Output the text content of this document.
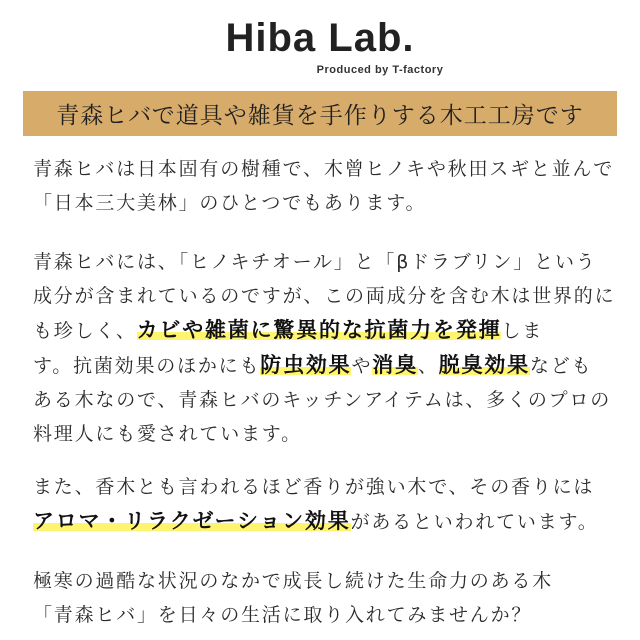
Hiba Lab.
Produced by T-factory
青森ヒバで道具や雑貨を手作りする木工工房です
青森ヒバは日本固有の樹種で、木曾ヒノキや秋田スギと並んで
「日本三大美林」のひとつでもあります。
青森ヒバには、「ヒノキチオール」と「βドラブリン」という
成分が含まれているのですが、この両成分を含む木は世界的に
も珍しく、カビや雑菌に驚異的な抗菌力を発揮しま
す。抗菌効果のほかにも防虫効果や消臭、脱臭効果なども
ある木なので、青森ヒバのキッチンアイテムは、多くのプロの
料理人にも愛されています。
また、香木とも言われるほど香りが強い木で、その香りには
アロマ・リラクゼーション効果があるといわれています。
極寒の過酷な状況のなかで成長し続けた生命力のある木
「青森ヒバ」を日々の生活に取り入れてみませんか？
